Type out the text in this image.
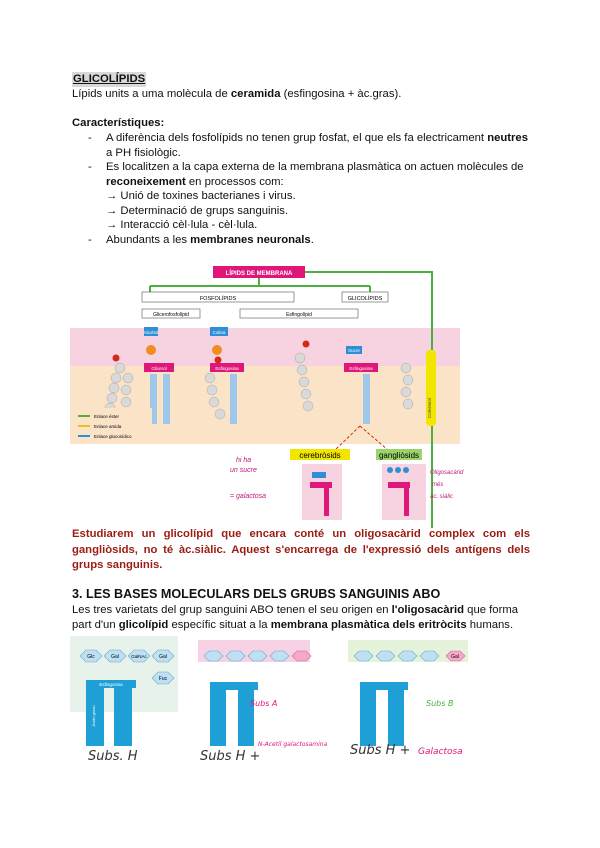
GLICOLÍPIDS
Lípids units a uma molècula de ceramida (esfingosina + àc.gras).
Característiques:
- A diferència dels fosfolípids no tenen grup fosfat, el que els fa electricament neutres
a PH fisiològic.
- Es localitzen a la capa externa de la membrana plasmàtica on actuen molècules de
reconeixement en processos com:
→ Unió de toxines bacterianes i virus.
→ Determinació de grups sanguinis.
→ Interacció cèl·lula - cèl·lula.
- Abundants a les membranes neuronals.
LÍPIDS DE MEMBRANA
FOSFOLÍPIDS	GLICOLÍPIDS
Glicerofosfolípid	Esfingolípid
Alcohol
Glicerol
Colina
Esfingosina
Sucre
Esfingosina
Colesterol
Enlace éster
Enlace amida
Enlace glucosídico
cerebròsids	gangliòsids
hi ha
un sucre
= galactosa
Oligosacàrid
més
àc. siàlic
Estudiarem un glicolípid que encara conté un oligosacàrid complex com els gangliòsids, no té àc.siàlic. Aquest s'encarrega de l'expressió dels antígens dels grups sanguinis.
3. LES BASES MOLECULARS DELS GRUBS SANGUINIS ABO
Les tres varietats del grup sanguini ABO tenen el seu origen en l'oligosacàrid que forma part d'un glicolípid específic situat a la membrana plasmàtica dels eritròcits humans.
Glc	Gal	GalNAc Gal
Fuc
Esfingosina
Ácido graso
Subs. H
Subs A
Subs H +
N-Acetil galactosamina
Gal
Subs B
Subs H + Galactosa
